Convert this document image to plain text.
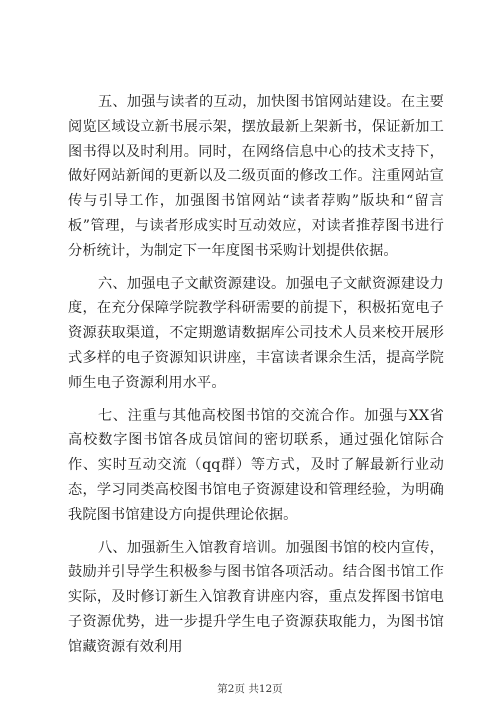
五、加强与读者的互动，加快图书馆网站建设。在主要阅览区域设立新书展示架，摆放最新上架新书，保证新加工图书得以及时利用。同时，在网络信息中心的技术支持下，做好网站新闻的更新以及二级页面的修改工作。注重网站宣传与引导工作，加强图书馆网站“读者荐购”版块和“留言板”管理，与读者形成实时互动效应，对读者推荐图书进行分析统计，为制定下一年度图书采购计划提供依据。

六、加强电子文献资源建设。加强电子文献资源建设力度，在充分保障学院教学科研需要的前提下，积极拓宽电子资源获取渠道，不定期邀请数据库公司技术人员来校开展形式多样的电子资源知识讲座，丰富读者课余生活，提高学院师生电子资源利用水平。

七、注重与其他高校图书馆的交流合作。加强与XX省高校数字图书馆各成员馆间的密切联系，通过强化馆际合作、实时互动交流（qq群）等方式，及时了解最新行业动态，学习同类高校图书馆电子资源建设和管理经验，为明确我院图书馆建设方向提供理论依据。

八、加强新生入馆教育培训。加强图书馆的校内宣传，鼓励并引导学生积极参与图书馆各项活动。结合图书馆工作实际，及时修订新生入馆教育讲座内容，重点发挥图书馆电子资源优势，进一步提升学生电子资源获取能力，为图书馆馆藏资源有效利用

第2页 共12页
